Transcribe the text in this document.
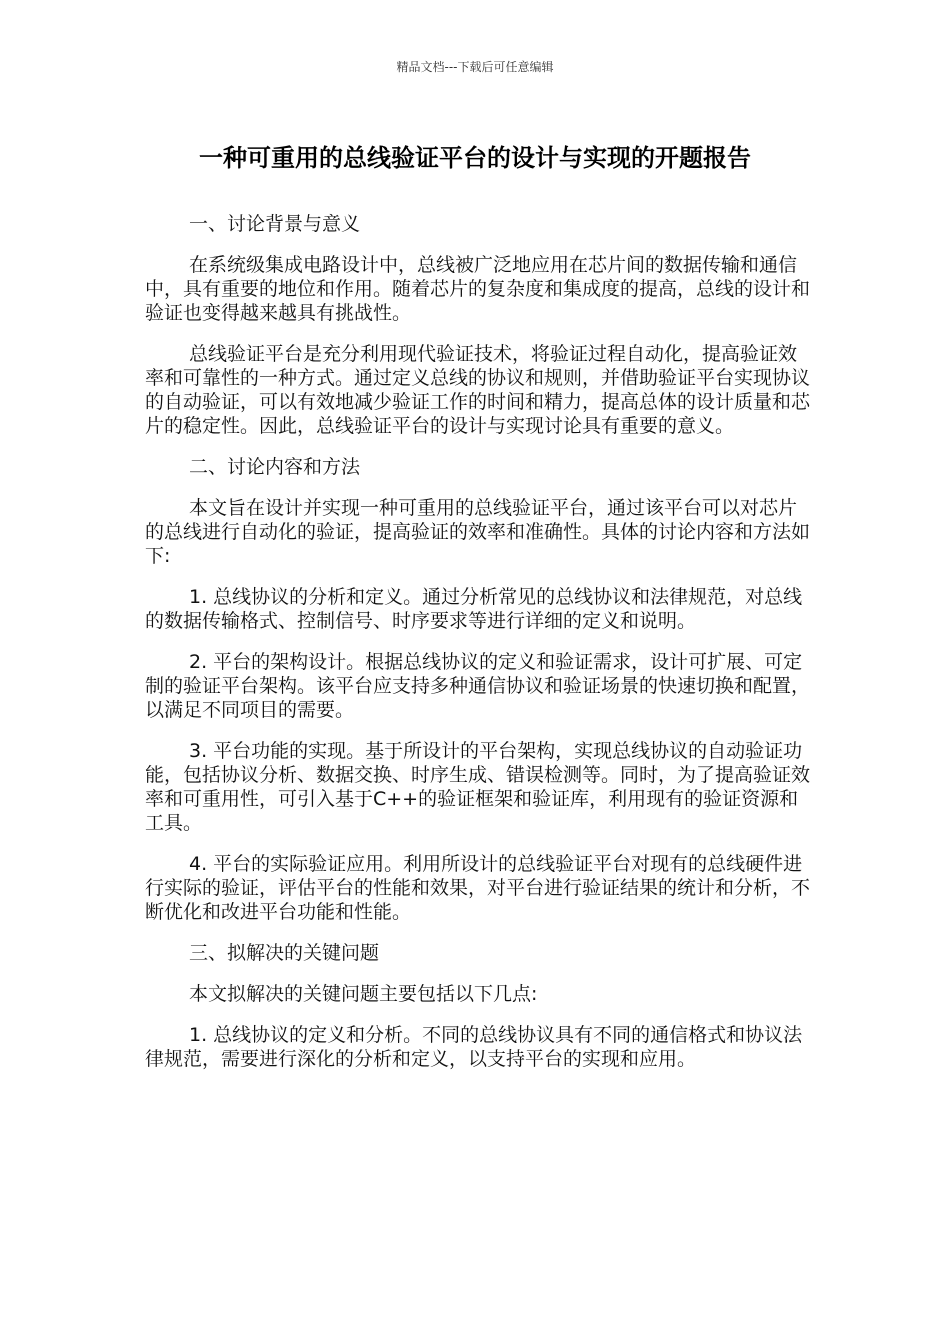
精品文档---下载后可任意编辑
一种可重用的总线验证平台的设计与实现的开题报告

一、讨论背景与意义

在系统级集成电路设计中，总线被广泛地应用在芯片间的数据传输和通信中，具有重要的地位和作用。随着芯片的复杂度和集成度的提高，总线的设计和验证也变得越来越具有挑战性。

总线验证平台是充分利用现代验证技术，将验证过程自动化，提高验证效率和可靠性的一种方式。通过定义总线的协议和规则，并借助验证平台实现协议的自动验证，可以有效地减少验证工作的时间和精力，提高总体的设计质量和芯片的稳定性。因此，总线验证平台的设计与实现讨论具有重要的意义。

二、讨论内容和方法

本文旨在设计并实现一种可重用的总线验证平台，通过该平台可以对芯片的总线进行自动化的验证，提高验证的效率和准确性。具体的讨论内容和方法如下:

1. 总线协议的分析和定义。通过分析常见的总线协议和法律规范，对总线的数据传输格式、控制信号、时序要求等进行详细的定义和说明。

2. 平台的架构设计。根据总线协议的定义和验证需求，设计可扩展、可定制的验证平台架构。该平台应支持多种通信协议和验证场景的快速切换和配置，以满足不同项目的需要。

3. 平台功能的实现。基于所设计的平台架构，实现总线协议的自动验证功能，包括协议分析、数据交换、时序生成、错误检测等。同时，为了提高验证效率和可重用性，可引入基于C++的验证框架和验证库，利用现有的验证资源和工具。

4. 平台的实际验证应用。利用所设计的总线验证平台对现有的总线硬件进行实际的验证，评估平台的性能和效果，对平台进行验证结果的统计和分析，不断优化和改进平台功能和性能。

三、拟解决的关键问题

本文拟解决的关键问题主要包括以下几点:

1. 总线协议的定义和分析。不同的总线协议具有不同的通信格式和协议法律规范，需要进行深化的分析和定义，以支持平台的实现和应用。
